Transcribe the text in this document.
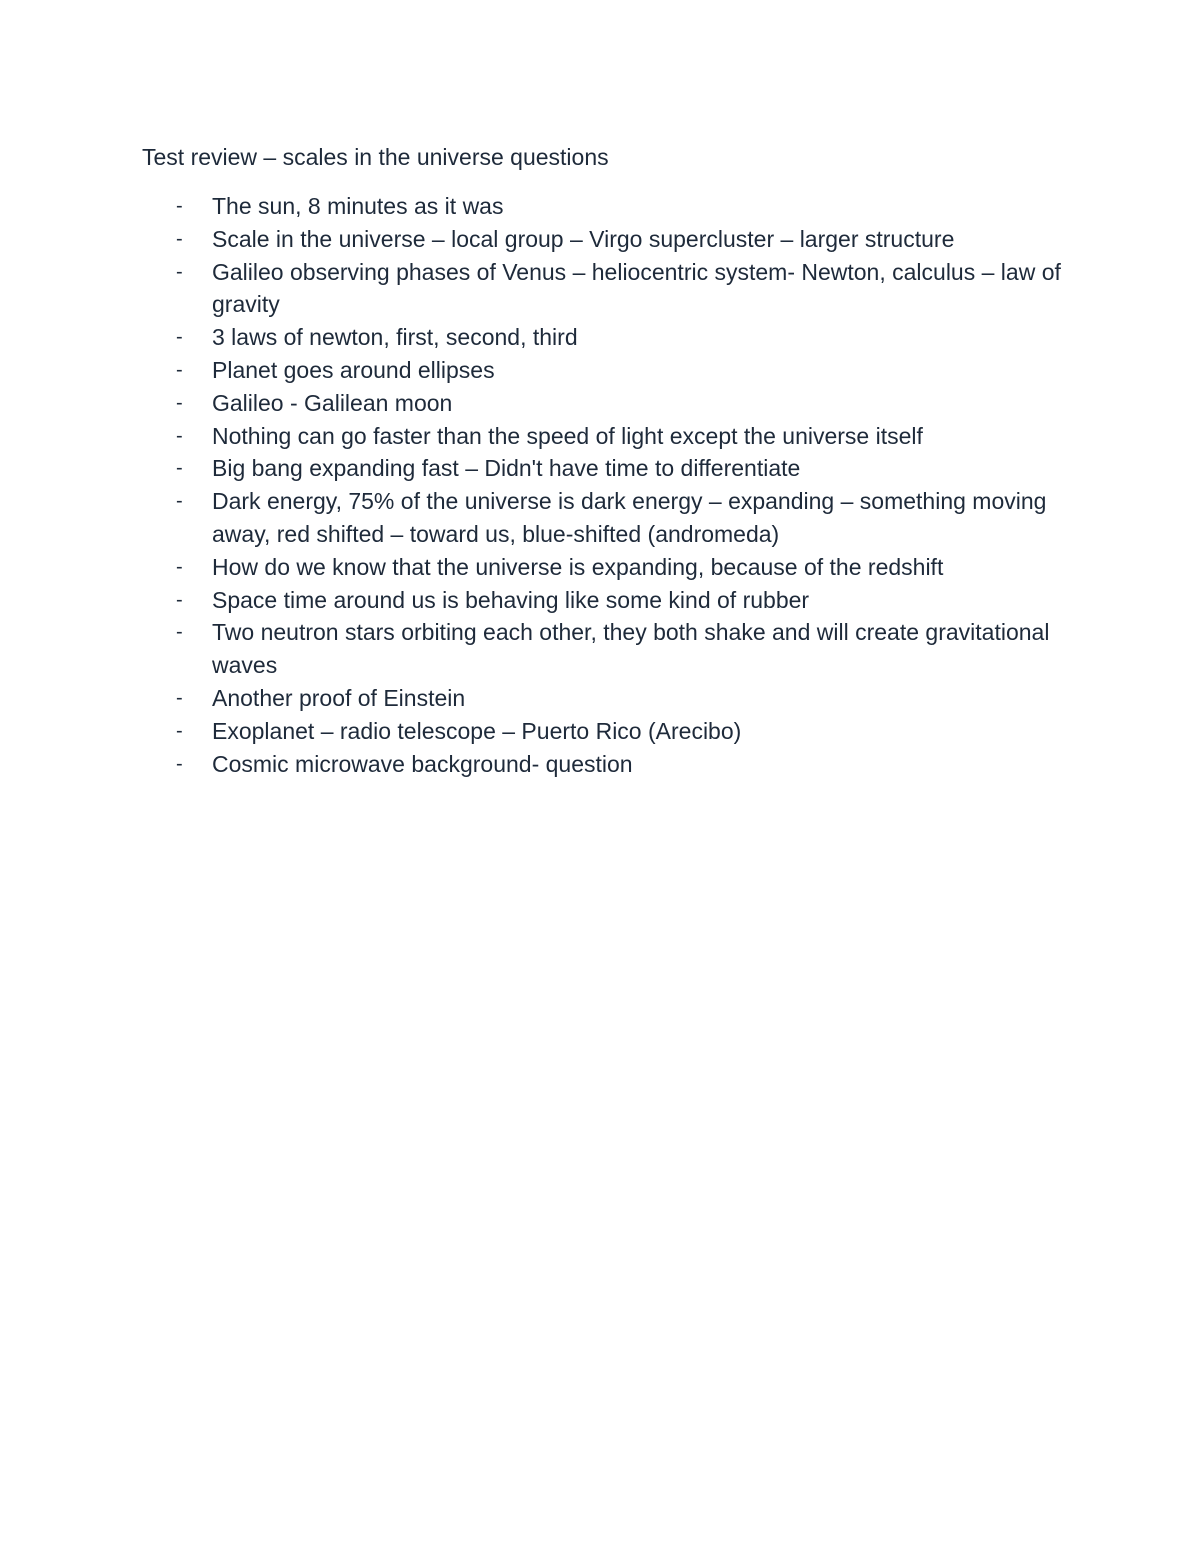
Test review – scales in the universe questions
- The sun, 8 minutes as it was
- Scale in the universe – local group – Virgo supercluster – larger structure
- Galileo observing phases of Venus – heliocentric system- Newton, calculus – law of gravity
- 3 laws of newton, first, second, third
- Planet goes around ellipses
- Galileo - Galilean moon
- Nothing can go faster than the speed of light except the universe itself
- Big bang expanding fast – Didn't have time to differentiate
- Dark energy, 75% of the universe is dark energy – expanding – something moving away, red shifted – toward us, blue-shifted (andromeda)
- How do we know that the universe is expanding, because of the redshift
- Space time around us is behaving like some kind of rubber
- Two neutron stars orbiting each other, they both shake and will create gravitational waves
- Another proof of Einstein
- Exoplanet – radio telescope – Puerto Rico (Arecibo)
- Cosmic microwave background- question
